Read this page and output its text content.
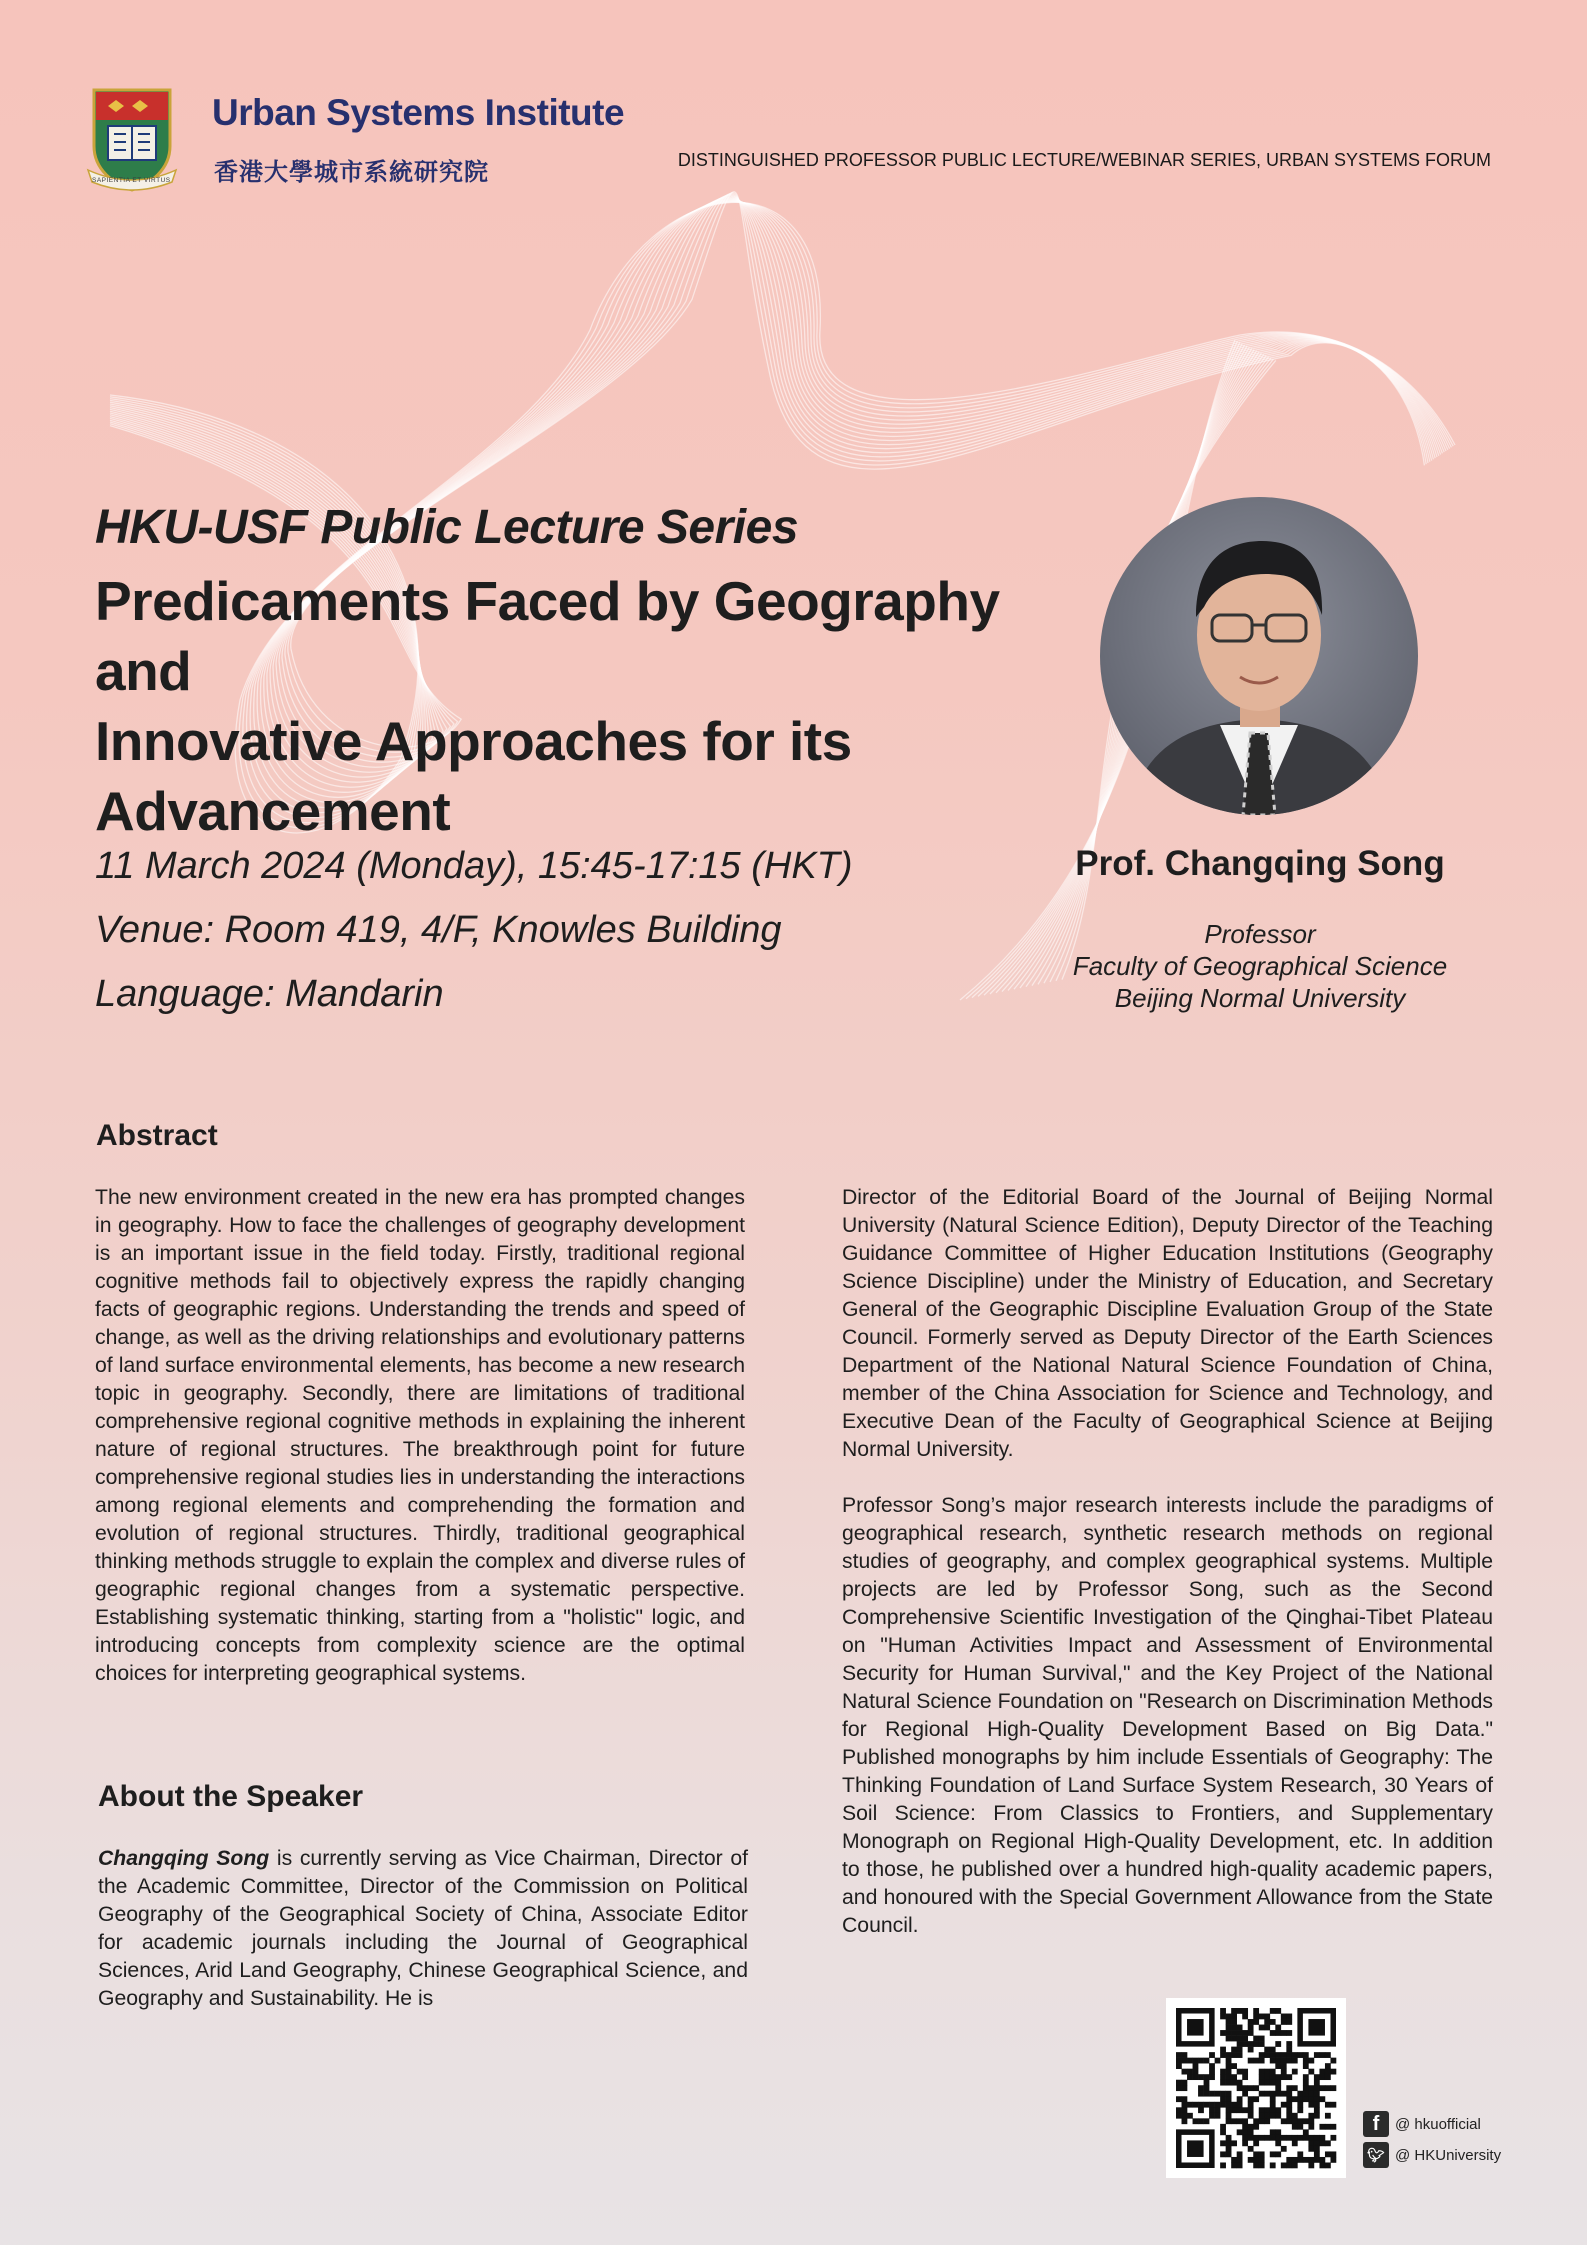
SAPIENTIA ET VIRTUS
Urban Systems Institute
香港大學城市系統研究院	DISTINGUISHED PROFESSOR PUBLIC LECTURE/WEBINAR SERIES, URBAN SYSTEMS FORUM
HKU-USF Public Lecture Series
Predicaments Faced by Geography and
Innovative Approaches for its
Advancement
11 March 2024 (Monday), 15:45-17:15 (HKT)
Venue: Room 419, 4/F, Knowles Building
Language: Mandarin
Prof. Changqing Song
Professor
Faculty of Geographical Science
Beijing Normal University
Abstract

The new environment created in the new era has prompted changes in geography. How to face the challenges of geography development is an important issue in the field today. Firstly, traditional regional cognitive methods fail to objectively express the rapidly changing facts of geographic regions. Understanding the trends and speed of change, as well as the driving relationships and evolutionary patterns of land surface environmental elements, has become a new research topic in geography. Secondly, there are limitations of traditional comprehensive regional cognitive methods in explaining the inherent nature of regional structures. The breakthrough point for future comprehensive regional studies lies in understanding the interactions among regional elements and comprehending the formation and evolution of regional structures. Thirdly, traditional geographical thinking methods struggle to explain the complex and diverse rules of geographic regional changes from a systematic perspective. Establishing systematic thinking, starting from a "holistic" logic, and introducing concepts from complexity science are the optimal choices for interpreting geographical systems.

About the Speaker

Changqing Song is currently serving as Vice Chairman, Director of the Academic Committee, Director of the Commission on Political Geography of the Geographical Society of China, Associate Editor for academic journals including the Journal of Geographical Sciences, Arid Land Geography, Chinese Geographical Science, and Geography and Sustainability. He is

Director of the Editorial Board of the Journal of Beijing Normal University (Natural Science Edition), Deputy Director of the Teaching Guidance Committee of Higher Education Institutions (Geography Science Discipline) under the Ministry of Education, and Secretary General of the Geographic Discipline Evaluation Group of the State Council. Formerly served as Deputy Director of the Earth Sciences Department of the National Natural Science Foundation of China, member of the China Association for Science and Technology, and Executive Dean of the Faculty of Geographical Science at Beijing Normal University.

Professor Song’s major research interests include the paradigms of geographical research, synthetic research methods on regional studies of geography, and complex geographical systems. Multiple projects are led by Professor Song, such as the Second Comprehensive Scientific Investigation of the Qinghai-Tibet Plateau on "Human Activities Impact and Assessment of Environmental Security for Human Survival," and the Key Project of the National Natural Science Foundation on "Research on Discrimination Methods for Regional High-Quality Development Based on Big Data." Published monographs by him include Essentials of Geography: The Thinking Foundation of Land Surface System Research, 30 Years of Soil Science: From Classics to Frontiers, and Supplementary Monograph on Regional High-Quality Development, etc. In addition to those, he published over a hundred high-quality academic papers, and honoured with the Special Government Allowance from the State Council.

f	@ hkuofficial
🐦︎ @ HKUniversity
